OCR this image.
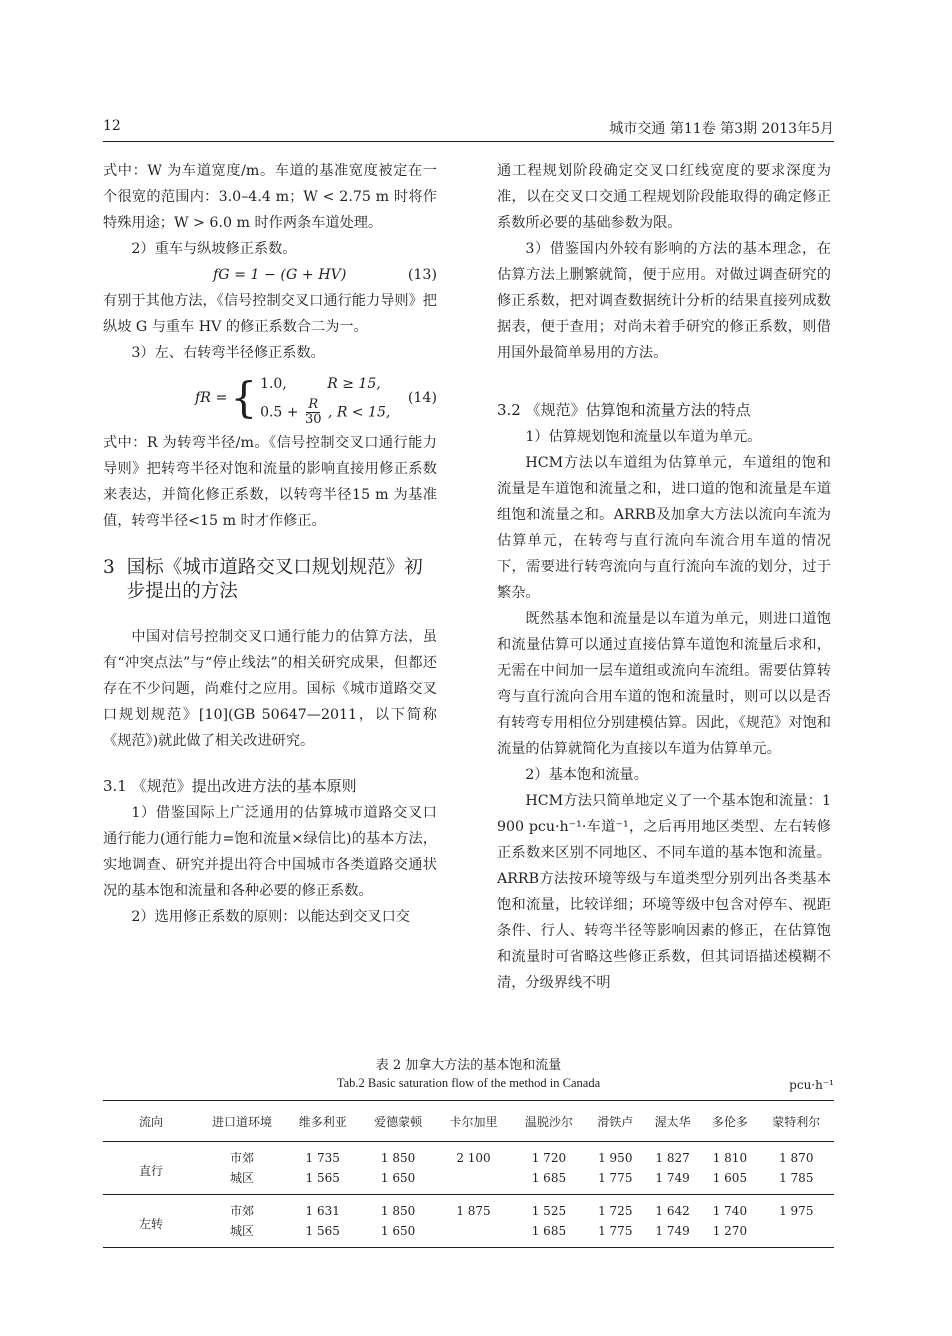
12	城市交通 第11卷 第3期 2013年5月

式中：W 为车道宽度/m。车道的基准宽度被定在一个很宽的范围内：3.0–4.4 m；W < 2.75 m 时将作特殊用途；W > 6.0 m 时作两条车道处理。

2）重车与纵坡修正系数。

fG = 1 − (G + HV)	(13)

有别于其他方法，《信号控制交叉口通行能力导则》把纵坡 G 与重车 HV 的修正系数合二为一。

3）左、右转弯半径修正系数。

fR = { 1.0,	R ≥ 15,
$0.5 + \frac{R}{30}$ , R < 15,
(14)

式中：R 为转弯半径/m。《信号控制交叉口通行能力导则》把转弯半径对饱和流量的影响直接用修正系数来表达，并简化修正系数，以转弯半径15 m 为基准值，转弯半径<15 m 时才作修正。

3 国标《城市道路交叉口规划规范》初步提出的方法

中国对信号控制交叉口通行能力的估算方法，虽有“冲突点法”与“停止线法”的相关研究成果，但都还存在不少问题，尚难付之应用。国标《城市道路交叉口规划规范》[10](GB 50647—2011，以下简称《规范》)就此做了相关改进研究。

3.1 《规范》提出改进方法的基本原则

1）借鉴国际上广泛通用的估算城市道路交叉口通行能力(通行能力=饱和流量×绿信比)的基本方法，实地调查、研究并提出符合中国城市各类道路交通状况的基本饱和流量和各种必要的修正系数。

2）选用修正系数的原则：以能达到交叉口交

通工程规划阶段确定交叉口红线宽度的要求深度为准，以在交叉口交通工程规划阶段能取得的确定修正系数所必要的基础参数为限。

3）借鉴国内外较有影响的方法的基本理念，在估算方法上删繁就简，便于应用。对做过调查研究的修正系数，把对调查数据统计分析的结果直接列成数据表，便于查用；对尚未着手研究的修正系数，则借用国外最简单易用的方法。

3.2 《规范》估算饱和流量方法的特点

1）估算规划饱和流量以车道为单元。

HCM方法以车道组为估算单元，车道组的饱和流量是车道饱和流量之和，进口道的饱和流量是车道组饱和流量之和。ARRB及加拿大方法以流向车流为估算单元，在转弯与直行流向车流合用车道的情况下，需要进行转弯流向与直行流向车流的划分，过于繁杂。

既然基本饱和流量是以车道为单元，则进口道饱和流量估算可以通过直接估算车道饱和流量后求和，无需在中间加一层车道组或流向车流组。需要估算转弯与直行流向合用车道的饱和流量时，则可以以是否有转弯专用相位分别建模估算。因此，《规范》对饱和流量的估算就简化为直接以车道为估算单元。

2）基本饱和流量。

HCM方法只简单地定义了一个基本饱和流量：1 900 pcu·h⁻¹·车道⁻¹，之后再用地区类型、左右转修正系数来区别不同地区、不同车道的基本饱和流量。ARRB方法按环境等级与车道类型分别列出各类基本饱和流量，比较详细；环境等级中包含对停车、视距条件、行人、转弯半径等影响因素的修正，在估算饱和流量时可省略这些修正系数，但其词语描述模糊不清，分级界线不明

表 2 加拿大方法的基本饱和流量
Tab.2 Basic saturation flow of the method in Canada	pcu·h⁻¹
流向	进口道环境	维多利亚	爱德蒙顿	卡尔加里	温脱沙尔	滑铁卢	渥太华	多伦多	蒙特利尔
直行	市郊	1 735	1 850	2 100	1 720	1 950	1 827	1 810	1 870
	城区	1 565	1 650		1 685	1 775	1 749	1 605	1 785
左转	市郊	1 631	1 850	1 875	1 525	1 725	1 642	1 740	1 975
	城区	1 565	1 650		1 685	1 775	1 749	1 270	
